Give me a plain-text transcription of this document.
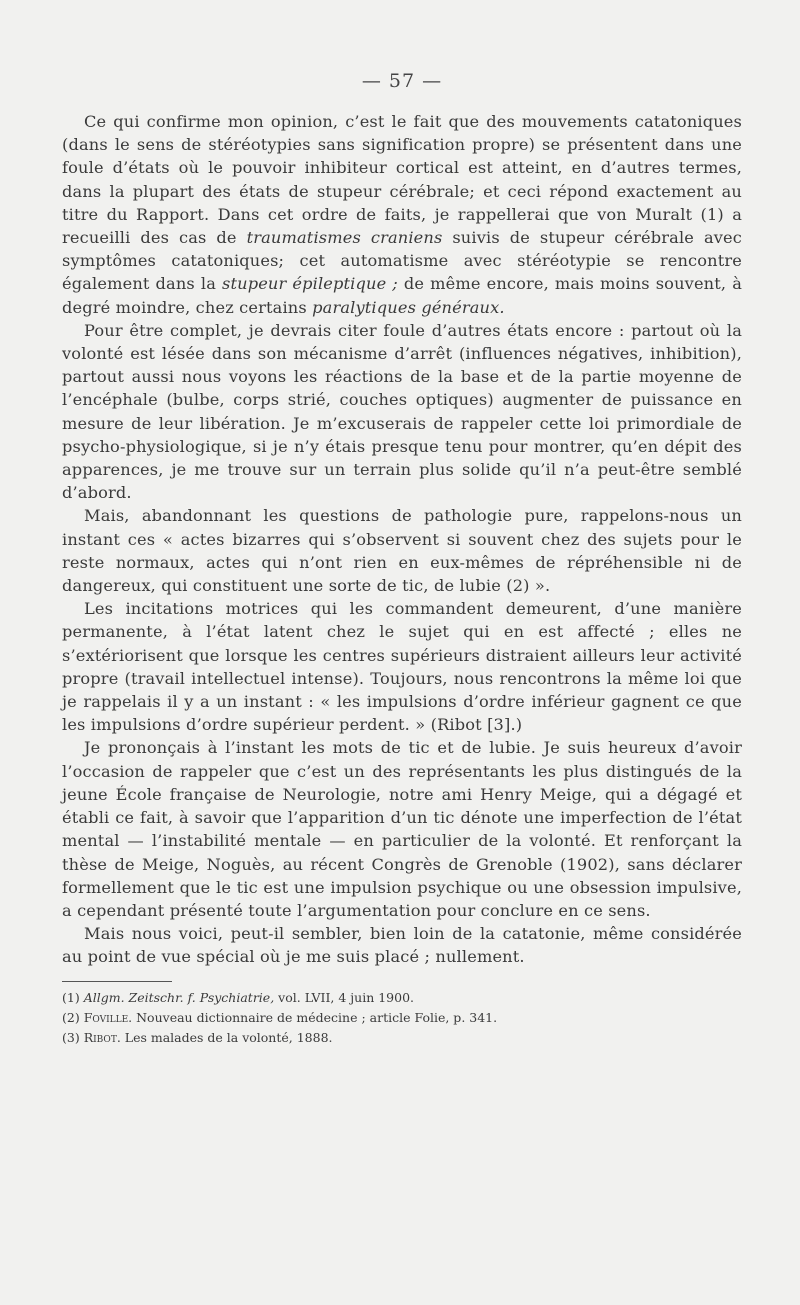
— 57 —

Ce qui confirme mon opinion, c’est le fait que des mouvements catatoniques (dans le sens de stéréotypies sans signification propre) se présentent dans une foule d’états où le pouvoir inhibiteur cortical est atteint, en d’autres termes, dans la plupart des états de stupeur cérébrale; et ceci répond exactement au titre du Rapport. Dans cet ordre de faits, je rappellerai que von Muralt (1) a recueilli des cas de traumatismes craniens suivis de stupeur cérébrale avec symptômes catatoniques; cet automatisme avec stéréotypie se rencontre également dans la stupeur épileptique ; de même encore, mais moins souvent, à degré moindre, chez certains paralytiques généraux.

Pour être complet, je devrais citer foule d’autres états encore : partout où la volonté est lésée dans son mécanisme d’arrêt (influences négatives, inhibition), partout aussi nous voyons les réactions de la base et de la partie moyenne de l’encéphale (bulbe, corps strié, couches optiques) augmenter de puissance en mesure de leur libération. Je m’excuserais de rappeler cette loi primordiale de psycho-physiologique, si je n’y étais presque tenu pour montrer, qu’en dépit des apparences, je me trouve sur un terrain plus solide qu’il n’a peut-être semblé d’abord.

Mais, abandonnant les questions de pathologie pure, rappelons-nous un instant ces « actes bizarres qui s’observent si souvent chez des sujets pour le reste normaux, actes qui n’ont rien en eux-mêmes de répréhensible ni de dangereux, qui constituent une sorte de tic, de lubie (2) ».

Les incitations motrices qui les commandent demeurent, d’une manière permanente, à l’état latent chez le sujet qui en est affecté ; elles ne s’extériorisent que lorsque les centres supérieurs distraient ailleurs leur activité propre (travail intellectuel intense). Toujours, nous rencontrons la même loi que je rappelais il y a un instant : « les impulsions d’ordre inférieur gagnent ce que les impulsions d’ordre supérieur perdent. » (Ribot [3].)

Je prononçais à l’instant les mots de tic et de lubie. Je suis heureux d’avoir l’occasion de rappeler que c’est un des représentants les plus distingués de la jeune École française de Neurologie, notre ami Henry Meige, qui a dégagé et établi ce fait, à savoir que l’apparition d’un tic dénote une imperfection de l’état mental — l’instabilité mentale — en particulier de la volonté. Et renforçant la thèse de Meige, Noguès, au récent Congrès de Grenoble (1902), sans déclarer formellement que le tic est une impulsion psychique ou une obsession impulsive, a cependant présenté toute l’argumentation pour conclure en ce sens.

Mais nous voici, peut-il sembler, bien loin de la catatonie, même considérée au point de vue spécial où je me suis placé ; nullement.

(1) Allgm. Zeitschr. f. Psychiatrie, vol. LVII, 4 juin 1900.

(2) Foville. Nouveau dictionnaire de médecine ; article Folie, p. 341.

(3) Ribot. Les malades de la volonté, 1888.
